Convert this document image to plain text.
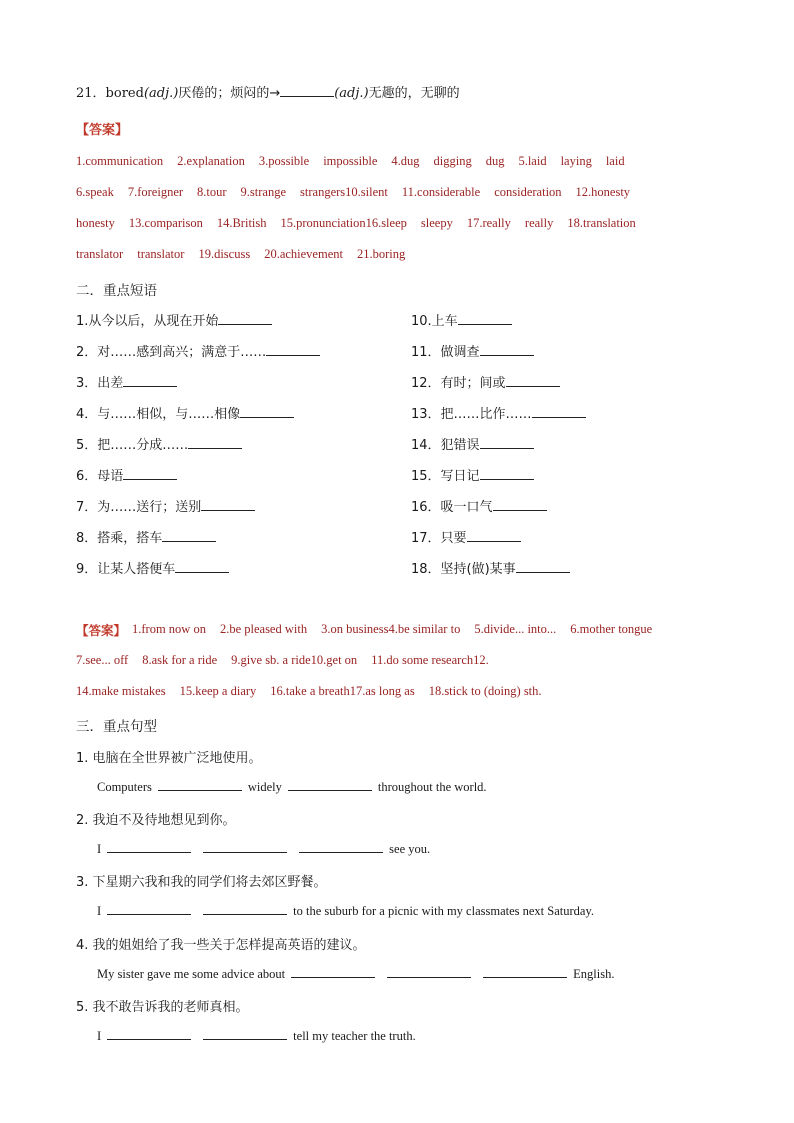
21．bored(adj.)厌倦的；烦闷的→	(adj.)无趣的，无聊的
【答案】
1.communication 2.explanation 3.possible impossible 4.dug digging dug 5.laid laying laid
6.speak 7.foreigner 8.tour 9.strange strangers10.silent 11.considerable consideration 12.honesty
honesty 13.comparison 14.British 15.pronunciation16.sleep sleepy 17.really really 18.translation
translator translator 19.discuss 20.achievement 21.boring
二．重点短语
1.从今以后，从现在开始
2．对……感到高兴；满意于……
3．出差
4．与……相似，与……相像
5．把……分成……
6．母语
7．为……送行；送别
8．搭乘，搭车
9．让某人搭便车
10.上车
11．做调查
12．有时；间或
13．把……比作……
14．犯错误
15．写日记
16．吸一口气
17．只要
18．坚持(做)某事
【答案】 1.from now on 2.be pleased with 3.on business4.be similar to 5.divide... into... 6.mother tongue
7.see... off 8.ask for a ride 9.give sb. a ride10.get on 11.do some research12.
14.make mistakes 15.keep a diary 16.take a breath17.as long as 18.stick to (doing) sth.
三．重点句型
1. 电脑在全世界被广泛地使用。
Computers	widely	throughout the world.
2. 我迫不及待地想见到你。
I	see you.
3. 下星期六我和我的同学们将去郊区野餐。
I	to the suburb for a picnic with my classmates next Saturday.
4. 我的姐姐给了我一些关于怎样提高英语的建议。
My sister gave me some advice about	English.
5. 我不敢告诉我的老师真相。
I	tell my teacher the truth.
